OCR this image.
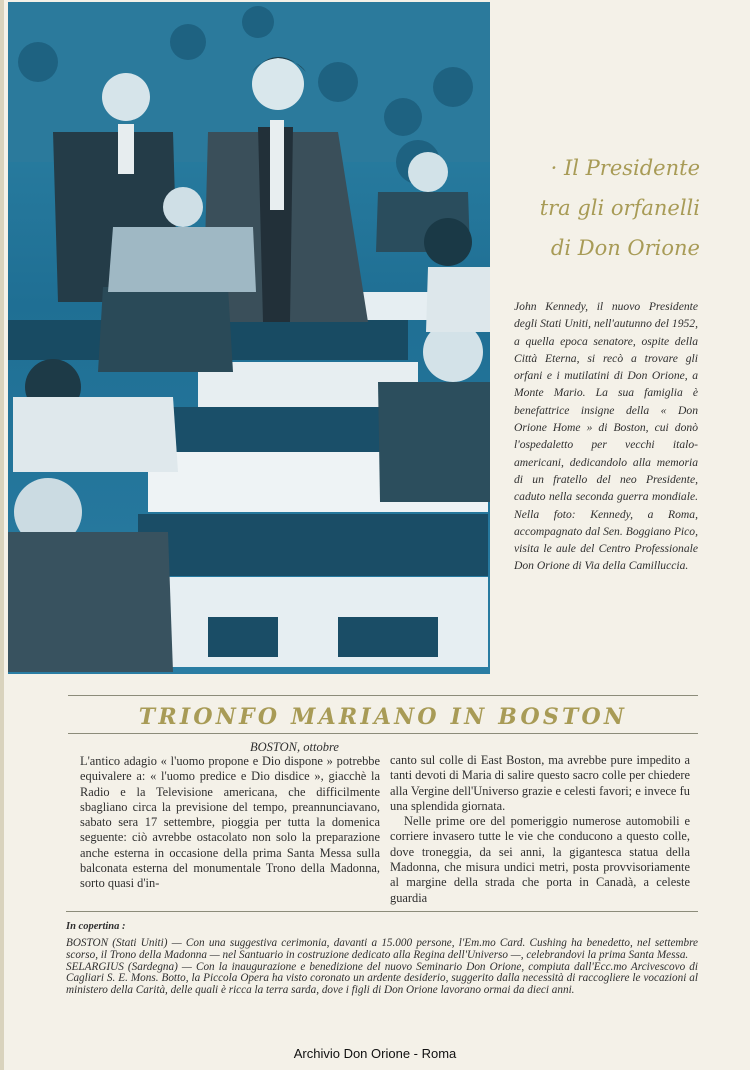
· Il Presidente
tra gli orfanelli
di Don Orione
John Kennedy, il nuovo Presidente degli Stati Uniti, nell'autunno del 1952, a quella epoca senatore, ospite della Città Eterna, si recò a trovare gli orfani e i mutilatini di Don Orione, a Monte Mario. La sua famiglia è benefattrice insigne della « Don Orione Home » di Boston, cui donò l'ospedaletto per vecchi italo-americani, dedicandolo alla memoria di un fratello del neo Presidente, caduto nella seconda guerra mondiale. Nella foto: Kennedy, a Roma, accompagnato dal Sen. Boggiano Pico, visita le aule del Centro Professionale Don Orione di Via della Camilluccia.
TRIONFO MARIANO IN BOSTON
BOSTON, ottobre

L'antico adagio « l'uomo propone e Dio dispone » potrebbe equivalere a: « l'uomo predice e Dio disdice », giacchè la Radio e la Televisione americana, che difficilmente sbagliano circa la previsione del tempo, preannunciavano, sabato sera 17 settembre, pioggia per tutta la domenica seguente: ciò avrebbe ostacolato non solo la preparazione anche esterna in occasione della prima Santa Messa sulla balconata esterna del monumentale Trono della Madonna, sorto quasi d'in-

canto sul colle di East Boston, ma avrebbe pure impedito a tanti devoti di Maria di salire questo sacro colle per chiedere alla Vergine dell'Universo grazie e celesti favori; e invece fu una splendida giornata.

Nelle prime ore del pomeriggio numerose automobili e corriere invasero tutte le vie che conducono a questo colle, dove troneggia, da sei anni, la gigantesca statua della Madonna, che misura undici metri, posta provvisoriamente al margine della strada che porta in Canadà, a celeste guardia

In copertina :

BOSTON (Stati Uniti) — Con una suggestiva cerimonia, davanti a 15.000 persone, l'Em.mo Card. Cushing ha benedetto, nel settembre scorso, il Trono della Madonna — nel Santuario in costruzione dedicato alla Regina dell'Universo —, celebrandovi la prima Santa Messa.

SELARGIUS (Sardegna) — Con la inaugurazione e benedizione del nuovo Seminario Don Orione, compiuta dall'Ecc.mo Arcivescovo di Cagliari S. E. Mons. Botto, la Piccola Opera ha visto coronato un ardente desiderio, suggerito dalla necessità di raccogliere le vocazioni al ministero della Carità, delle quali è ricca la terra sarda, dove i figli di Don Orione lavorano ormai da dieci anni.

Archivio Don Orione - Roma
